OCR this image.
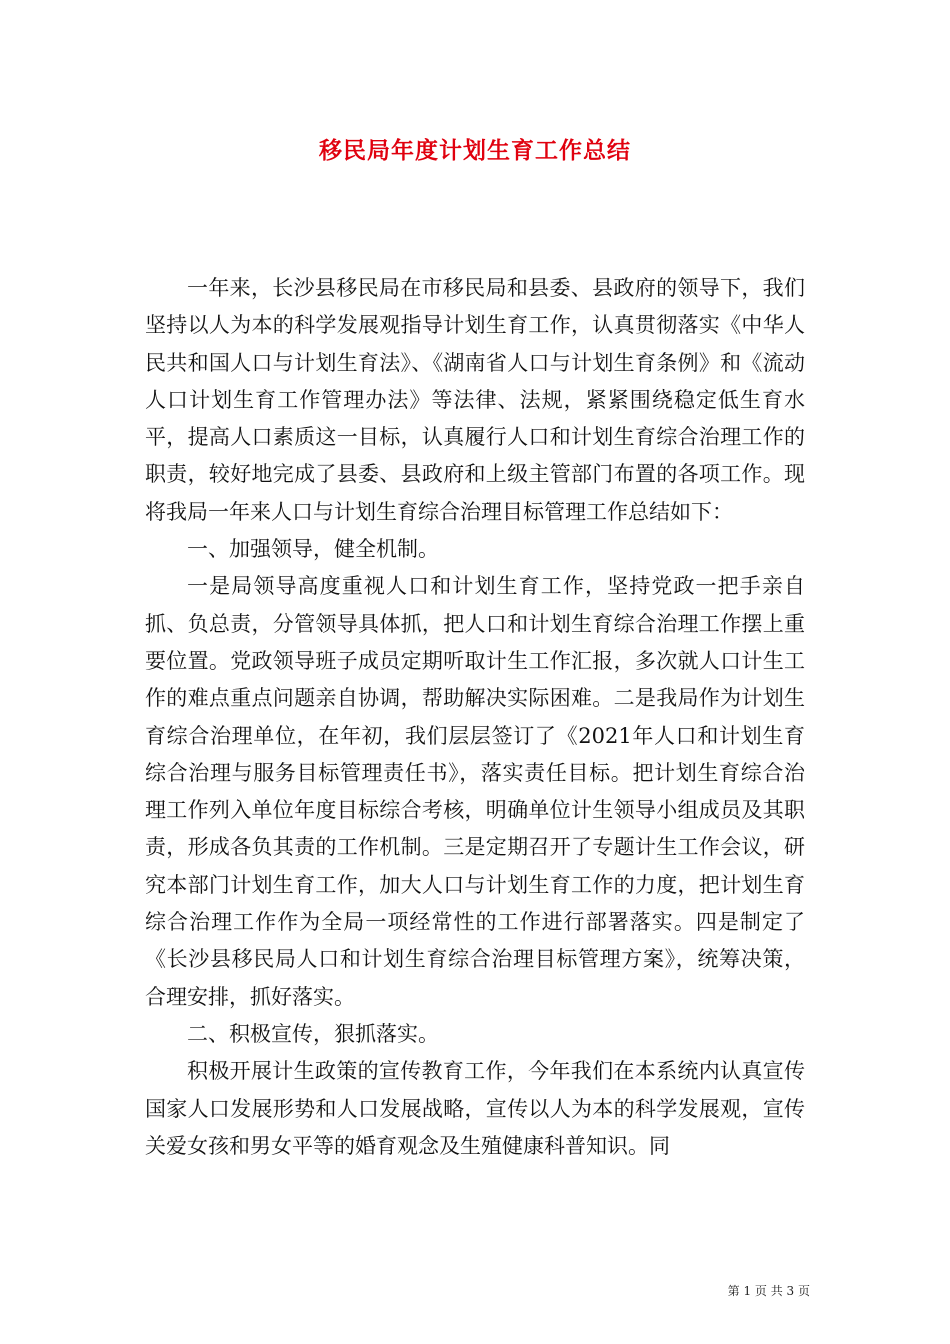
移民局年度计划生育工作总结

一年来，长沙县移民局在市移民局和县委、县政府的领导下，我们坚持以人为本的科学发展观指导计划生育工作，认真贯彻落实《中华人民共和国人口与计划生育法》、《湖南省人口与计划生育条例》和《流动人口计划生育工作管理办法》等法律、法规，紧紧围绕稳定低生育水平，提高人口素质这一目标，认真履行人口和计划生育综合治理工作的职责，较好地完成了县委、县政府和上级主管部门布置的各项工作。现将我局一年来人口与计划生育综合治理目标管理工作总结如下：

一、加强领导，健全机制。

一是局领导高度重视人口和计划生育工作，坚持党政一把手亲自抓、负总责，分管领导具体抓，把人口和计划生育综合治理工作摆上重要位置。党政领导班子成员定期听取计生工作汇报，多次就人口计生工作的难点重点问题亲自协调，帮助解决实际困难。二是我局作为计划生育综合治理单位，在年初，我们层层签订了《2021年人口和计划生育综合治理与服务目标管理责任书》，落实责任目标。把计划生育综合治理工作列入单位年度目标综合考核，明确单位计生领导小组成员及其职责，形成各负其责的工作机制。三是定期召开了专题计生工作会议，研究本部门计划生育工作，加大人口与计划生育工作的力度，把计划生育综合治理工作作为全局一项经常性的工作进行部署落实。四是制定了《长沙县移民局人口和计划生育综合治理目标管理方案》，统筹决策，合理安排，抓好落实。

二、积极宣传，狠抓落实。

积极开展计生政策的宣传教育工作，今年我们在本系统内认真宣传国家人口发展形势和人口发展战略，宣传以人为本的科学发展观，宣传关爱女孩和男女平等的婚育观念及生殖健康科普知识。同

第 1 页 共 3 页
